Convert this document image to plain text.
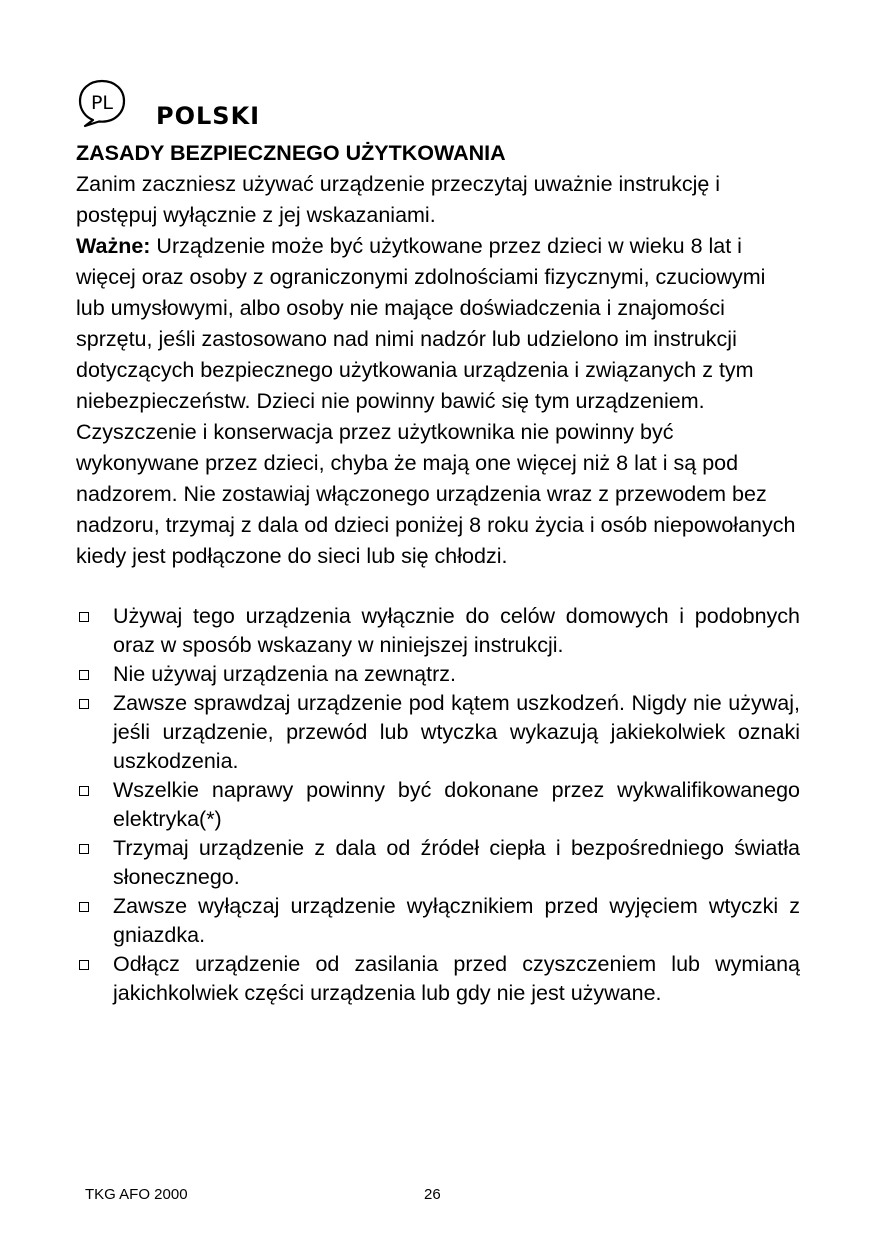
PL POLSKI
ZASADY BEZPIECZNEGO UŻYTKOWANIA

Zanim zaczniesz używać urządzenie przeczytaj uważnie instrukcję i postępuj wyłącznie z jej wskazaniami.

Ważne: Urządzenie może być użytkowane przez dzieci w wieku 8 lat i więcej oraz osoby z ograniczonymi zdolnościami fizycznymi, czuciowymi lub umysłowymi, albo osoby nie mające doświadczenia i znajomości sprzętu, jeśli zastosowano nad nimi nadzór lub udzielono im instrukcji dotyczących bezpiecznego użytkowania urządzenia i związanych z tym niebezpieczeństw. Dzieci nie powinny bawić się tym urządzeniem. Czyszczenie i konserwacja przez użytkownika nie powinny być wykonywane przez dzieci, chyba że mają one więcej niż 8 lat i są pod nadzorem. Nie zostawiaj włączonego urządzenia wraz z przewodem bez nadzoru, trzymaj z dala od dzieci poniżej 8 roku życia i osób niepowołanych kiedy jest podłączone do sieci lub się chłodzi.

Używaj tego urządzenia wyłącznie do celów domowych i podobnych oraz w sposób wskazany w niniejszej instrukcji.
Nie używaj urządzenia na zewnątrz.
Zawsze sprawdzaj urządzenie pod kątem uszkodzeń. Nigdy nie używaj, jeśli urządzenie, przewód lub wtyczka wykazują jakiekolwiek oznaki uszkodzenia.
Wszelkie naprawy powinny być dokonane przez wykwalifikowanego elektryka(*)
Trzymaj urządzenie z dala od źródeł ciepła i bezpośredniego światła słonecznego.
Zawsze wyłączaj urządzenie wyłącznikiem przed wyjęciem wtyczki z gniazdka.
Odłącz urządzenie od zasilania przed czyszczeniem lub wymianą jakichkolwiek części urządzenia lub gdy nie jest używane.
TKG AFO 2000	26
